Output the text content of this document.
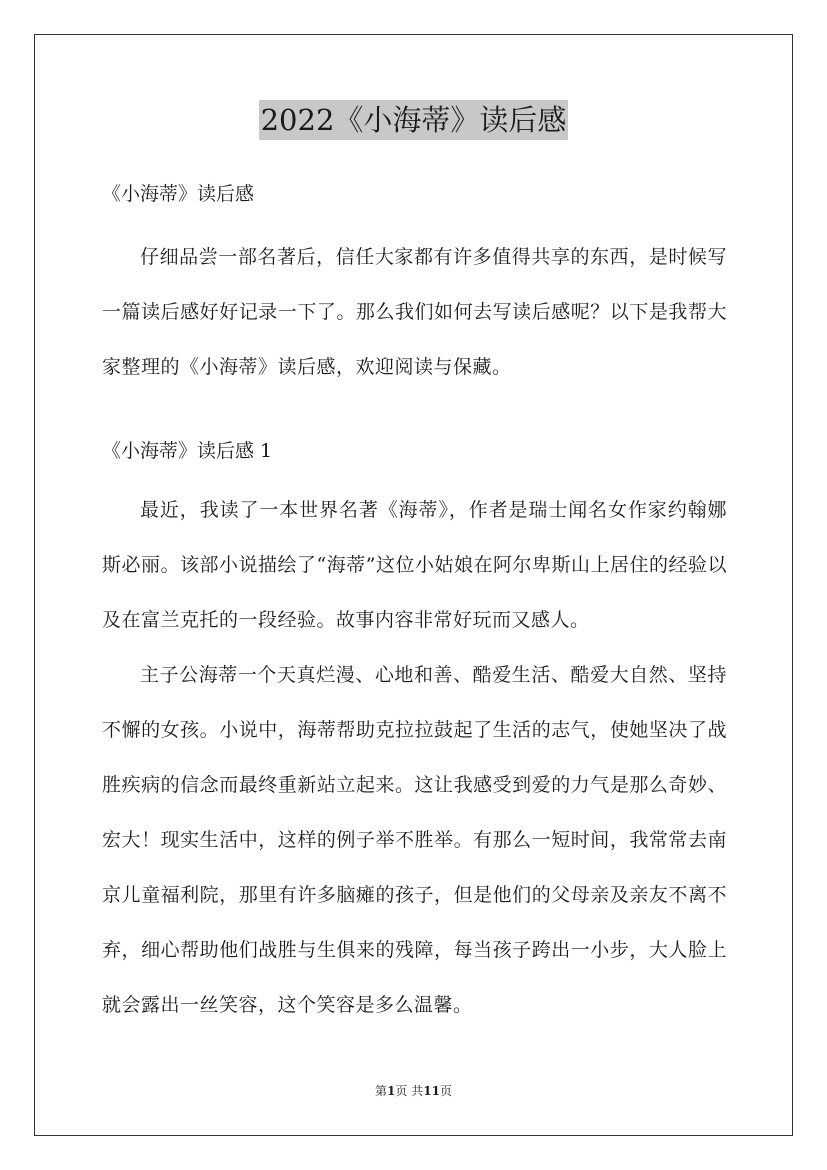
2022《小海蒂》读后感

《小海蒂》读后感

仔细品尝一部名著后，信任大家都有许多值得共享的东西，是时候写一篇读后感好好记录一下了。那么我们如何去写读后感呢？以下是我帮大家整理的《小海蒂》读后感，欢迎阅读与保藏。

《小海蒂》读后感 1

最近，我读了一本世界名著《海蒂》，作者是瑞士闻名女作家约翰娜斯必丽。该部小说描绘了“海蒂”这位小姑娘在阿尔卑斯山上居住的经验以及在富兰克托的一段经验。故事内容非常好玩而又感人。

主子公海蒂一个天真烂漫、心地和善、酷爱生活、酷爱大自然、坚持不懈的女孩。小说中，海蒂帮助克拉拉鼓起了生活的志气，使她坚决了战胜疾病的信念而最终重新站立起来。这让我感受到爱的力气是那么奇妙、宏大！现实生活中，这样的例子举不胜举。有那么一短时间，我常常去南京儿童福利院，那里有许多脑瘫的孩子，但是他们的父母亲及亲友不离不弃，细心帮助他们战胜与生俱来的残障，每当孩子跨出一小步，大人脸上就会露出一丝笑容，这个笑容是多么温馨。

第1页 共11页
